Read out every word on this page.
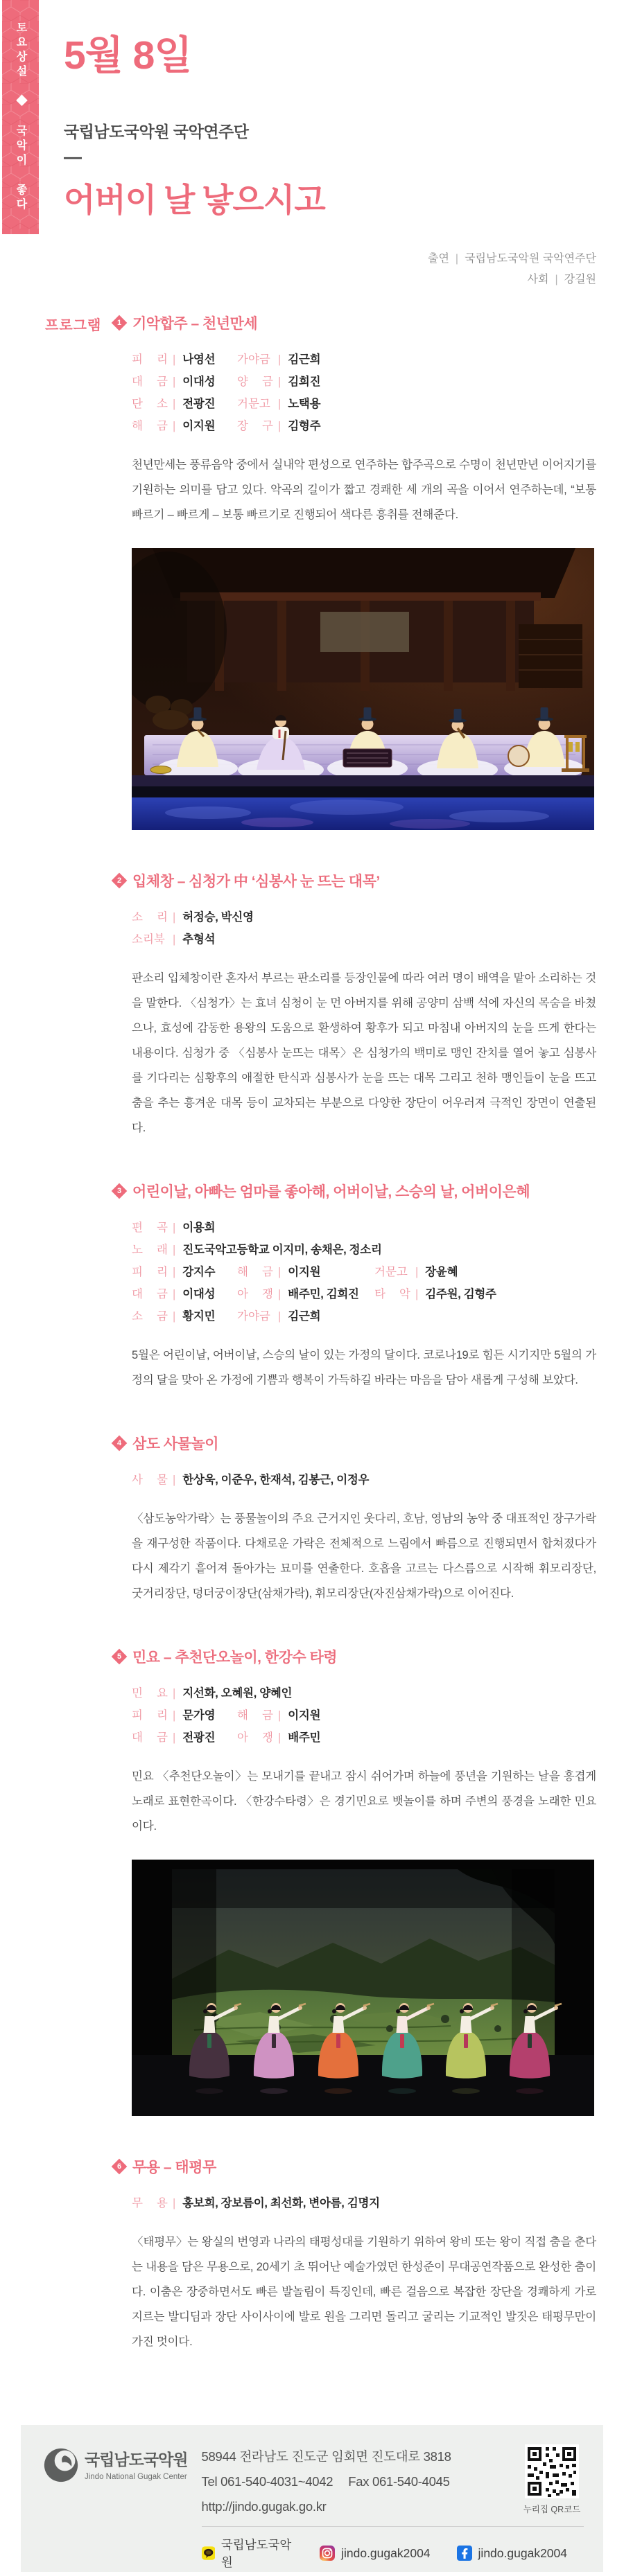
토요상설 ◆ 국악이 좋다 5월 8일
국립남도국악원 국악연주단
—
어버이 날 낳으시고
출연 | 국립남도국악원 국악연주단
사회 | 강길원
프로그램	1 기악합주 – 천년만세
피 리 | 나영선	가야금 | 김근희
대 금 | 이대성	양 금 | 김희진
단 소 | 전광진	거문고 | 노택용
해 금 | 이지원	장 구 | 김형주

천년만세는 풍류음악 중에서 실내악 편성으로 연주하는 합주곡으로 수명이 천년만년 이어지기를 기원하는 의미를 담고 있다. 악곡의 길이가 짧고 경쾌한 세 개의 곡을 이어서 연주하는데, “보통 빠르기 – 빠르게 – 보통 빠르기로 진행되어 색다른 흥취를 전해준다.

2 입체창 – 심청가 中 ‘심봉사 눈 뜨는 대목’
소 리 | 허정승, 박신영
소리북 | 추형석

판소리 입체창이란 혼자서 부르는 판소리를 등장인물에 따라 여러 명이 배역을 맡아 소리하는 것을 말한다. 〈심청가〉는 효녀 심청이 눈 먼 아버지를 위해 공양미 삼백 석에 자신의 목숨을 바쳤으나, 효성에 감동한 용왕의 도움으로 환생하여 황후가 되고 마침내 아버지의 눈을 뜨게 한다는 내용이다. 심청가 중 〈심봉사 눈뜨는 대목〉은 심청가의 백미로 맹인 잔치를 열어 놓고 심봉사를 기다리는 심황후의 애절한 탄식과 심봉사가 눈을 뜨는 대목 그리고 천하 맹인들이 눈을 뜨고 춤을 추는 흥겨운 대목 등이 교차되는 부분으로 다양한 장단이 어우러져 극적인 장면이 연출된다.

3 어린이날, 아빠는 엄마를 좋아해, 어버이날, 스승의 날, 어버이은혜
편 곡 | 이용희
노 래 | 진도국악고등학교 이지미, 송채은, 정소리
피 리 | 강지수	해 금 | 이지원	거문고 | 장윤혜
대 금 | 이대성	아 쟁 | 배주민, 김희진	타 악 | 김주원, 김형주
소 금 | 황지민	가야금 | 김근희

5월은 어린이날, 어버이날, 스승의 날이 있는 가정의 달이다. 코로나19로 힘든 시기지만 5월의 가정의 달을 맞아 온 가정에 기쁨과 행복이 가득하길 바라는 마음을 담아 새롭게 구성해 보았다.

4 삼도 사물놀이
사 물 | 한상욱, 이준우, 한재석, 김봉근, 이정우

〈삼도농악가락〉는 풍물놀이의 주요 근거지인 웃다리, 호남, 영남의 농악 중 대표적인 장구가락을 재구성한 작품이다. 다채로운 가락은 전체적으로 느림에서 빠름으로 진행되면서 합쳐졌다가 다시 제각기 흩어져 돌아가는 묘미를 연출한다. 호흡을 고르는 다스름으로 시작해 휘모리장단, 굿거리장단, 덩더궁이장단(삼채가락), 휘모리장단(자진삼채가락)으로 이어진다.

5 민요 – 추천단오놀이, 한강수 타령
민 요 | 지선화, 오혜원, 양혜인
피 리 | 문가영	해 금 | 이지원
대 금 | 전광진	아 쟁 | 배주민

민요 〈추천단오놀이〉는 모내기를 끝내고 잠시 쉬어가며 하늘에 풍년을 기원하는 날을 흥겹게 노래로 표현한곡이다. 〈한강수타령〉은 경기민요로 뱃놀이를 하며 주변의 풍경을 노래한 민요이다.

6 무용 – 태평무
무 용 | 홍보희, 장보름이, 최선화, 변아름, 김명지

〈태평무〉는 왕실의 번영과 나라의 태평성대를 기원하기 위하여 왕비 또는 왕이 직접 춤을 춘다는 내용을 담은 무용으로, 20세기 초 뛰어난 예술가였던 한성준이 무대공연작품으로 완성한 춤이다. 이춤은 장중하면서도 빠른 발놀림이 특징인데, 빠른 걸음으로 복잡한 장단을 경쾌하게 가로지르는 발디딤과 장단 사이사이에 발로 원을 그리면 돌리고 굴리는 기교적인 발짓은 태평무만이 가진 멋이다.

국립남도국악원
Jindo National Gugak Center
58944 전라남도 진도군 임회면 진도대로 3818
Tel 061-540-4031~4042 Fax 061-540-4045
http://jindo.gugak.go.kr	누리집 QR코드
국립남도국악원
jindo.gugak2004	jindo.gugak2004
